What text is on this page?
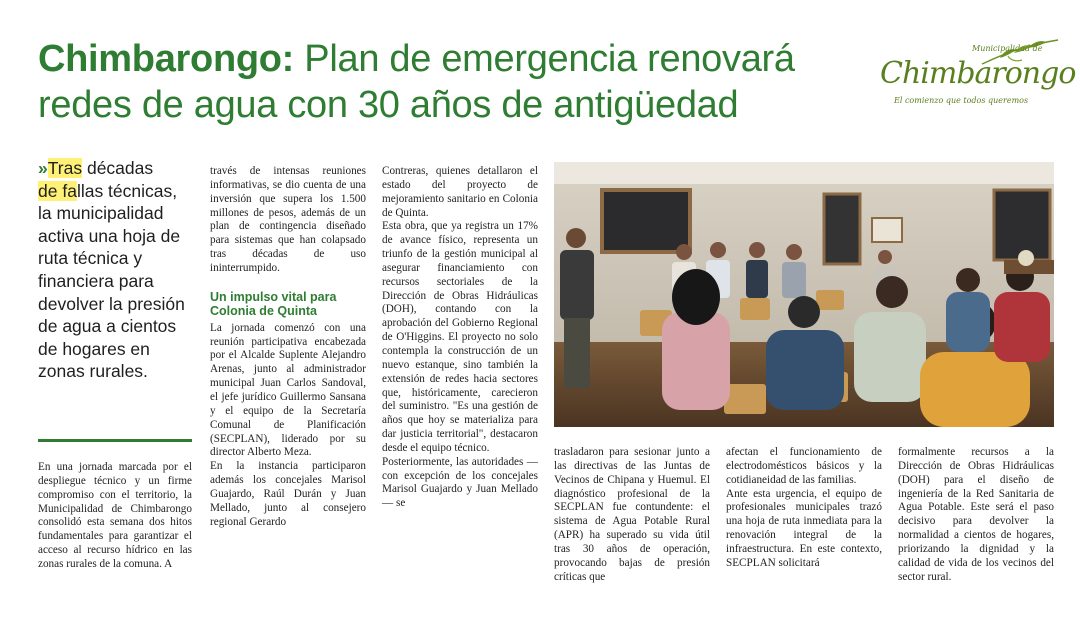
Chimbarongo: Plan de emergencia renovará redes de agua con 30 años de antigüedad
Municipalidad de
Chimbarongo
El comienzo que todos queremos
»Tras décadas
de fallas técnicas, la municipalidad activa una hoja de ruta técnica y financiera para devolver la presión de agua a cientos de hogares en zonas rurales.

En una jornada marcada por el despliegue técnico y un firme compromiso con el territorio, la Municipalidad de Chimbarongo consolidó esta semana dos hitos fundamentales para garantizar el acceso al recurso hídrico en las zonas rurales de la comuna. A

través de intensas reuniones informativas, se dio cuenta de una inversión que supera los 1.500 millones de pesos, además de un plan de contingencia diseñado para sistemas que han colapsado tras décadas de uso ininterrumpido.

Un impulso vital para Colonia de Quinta

La jornada comenzó con una reunión participativa encabezada por el Alcalde Suplente Alejandro Arenas, junto al administrador municipal Juan Carlos Sandoval, el jefe jurídico Guillermo Sansana y el equipo de la Secretaría Comunal de Planificación (SECPLAN), liderado por su director Alberto Meza.

En la instancia participaron además los concejales Marisol Guajardo, Raúl Durán y Juan Mellado, junto al consejero regional Gerardo

Contreras, quienes detallaron el estado del proyecto de mejoramiento sanitario en Colonia de Quinta.

Esta obra, que ya registra un 17% de avance físico, representa un triunfo de la gestión municipal al asegurar financiamiento con recursos sectoriales de la Dirección de Obras Hidráulicas (DOH), contando con la aprobación del Gobierno Regional de O'Higgins. El proyecto no solo contempla la construcción de un nuevo estanque, sino también la extensión de redes hacia sectores que, históricamente, carecieron del suministro. "Es una gestión de años que hoy se materializa para dar justicia territorial", destacaron desde el equipo técnico.

Posteriormente, las autoridades —con excepción de los concejales Marisol Guajardo y Juan Mellado— se

trasladaron para sesionar junto a las directivas de las Juntas de Vecinos de Chipana y Huemul. El diagnóstico profesional de la SECPLAN fue contundente: el sistema de Agua Potable Rural (APR) ha superado su vida útil tras 30 años de operación, provocando bajas de presión críticas que

afectan el funcionamiento de electrodomésticos básicos y la cotidianeidad de las familias.

Ante esta urgencia, el equipo de profesionales municipales trazó una hoja de ruta inmediata para la renovación integral de la infraestructura. En este contexto, SECPLAN solicitará

formalmente recursos a la Dirección de Obras Hidráulicas (DOH) para el diseño de ingeniería de la Red Sanitaria de Agua Potable. Este será el paso decisivo para devolver la normalidad a cientos de hogares, priorizando la dignidad y la calidad de vida de los vecinos del sector rural.
